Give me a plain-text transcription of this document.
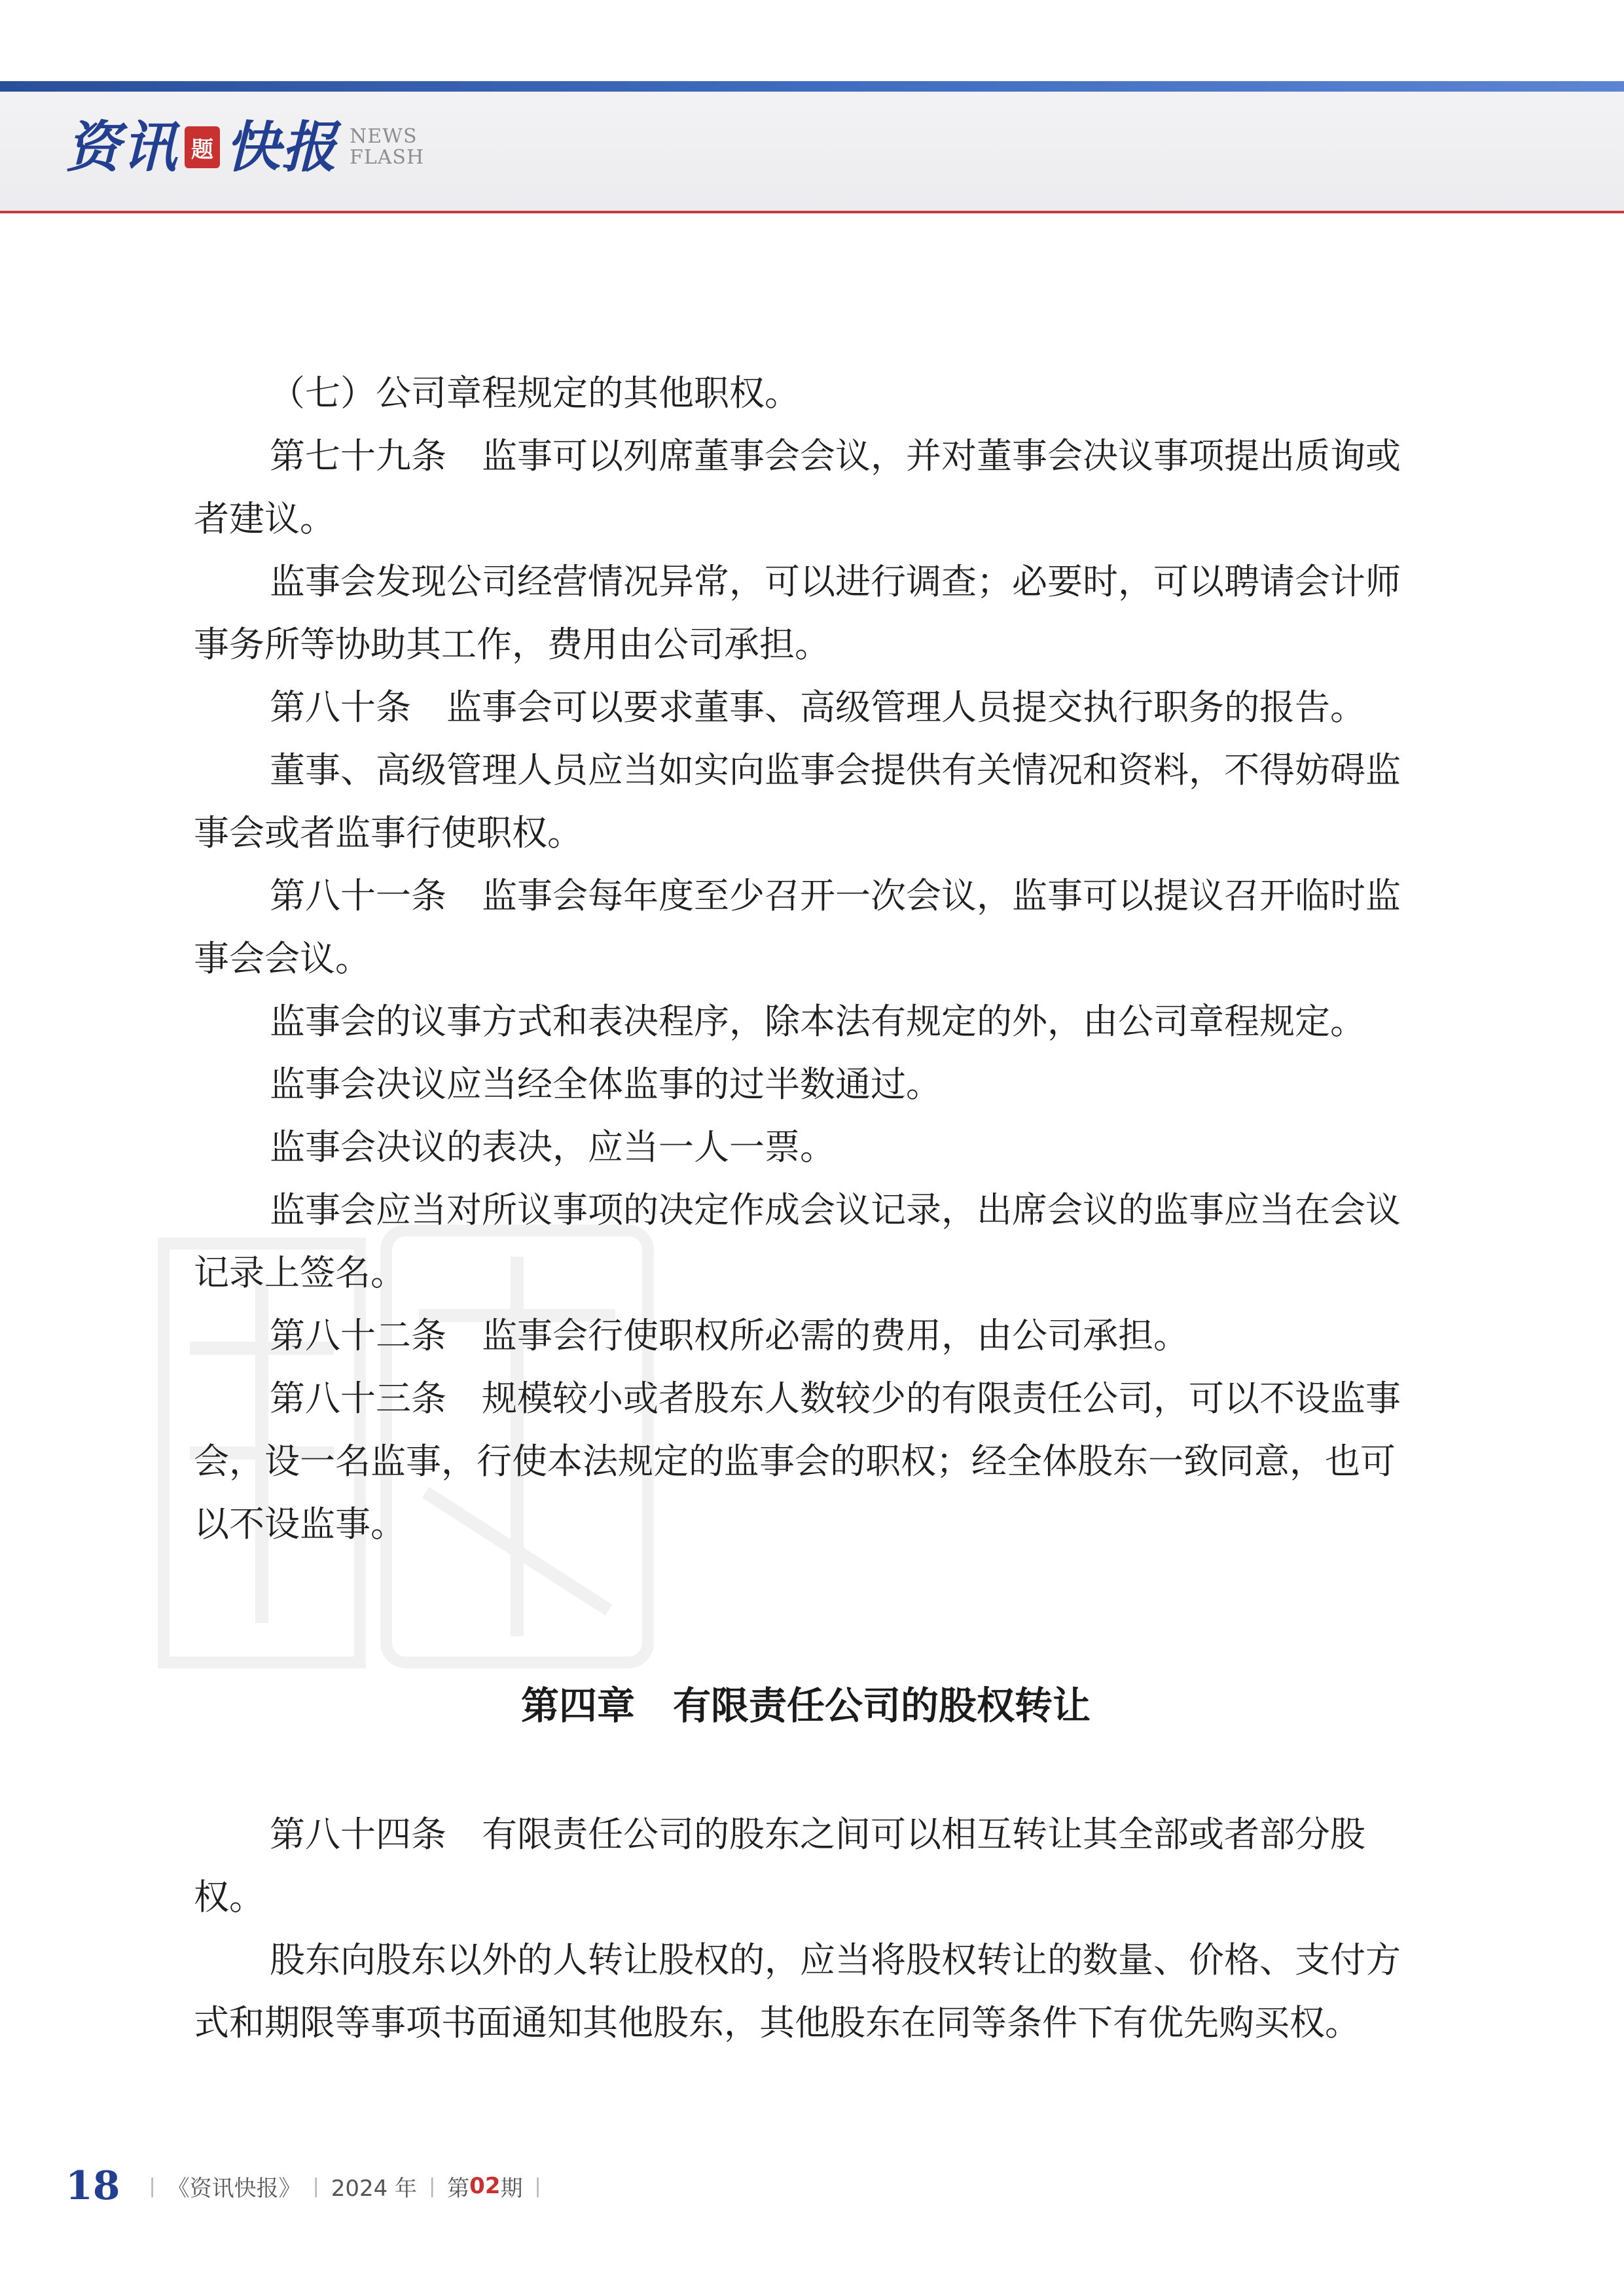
资讯 题 快报 NEWS
FLASH

（七）公司章程规定的其他职权。

第七十九条　监事可以列席董事会会议，并对董事会决议事项提出质询或者建议。

监事会发现公司经营情况异常，可以进行调查；必要时，可以聘请会计师事务所等协助其工作，费用由公司承担。

第八十条　监事会可以要求董事、高级管理人员提交执行职务的报告。

董事、高级管理人员应当如实向监事会提供有关情况和资料，不得妨碍监事会或者监事行使职权。

第八十一条　监事会每年度至少召开一次会议，监事可以提议召开临时监事会会议。

监事会的议事方式和表决程序，除本法有规定的外，由公司章程规定。

监事会决议应当经全体监事的过半数通过。

监事会决议的表决，应当一人一票。

监事会应当对所议事项的决定作成会议记录，出席会议的监事应当在会议记录上签名。

第八十二条　监事会行使职权所必需的费用，由公司承担。

第八十三条　规模较小或者股东人数较少的有限责任公司，可以不设监事会，设一名监事，行使本法规定的监事会的职权；经全体股东一致同意，也可以不设监事。

第四章　有限责任公司的股权转让

第八十四条　有限责任公司的股东之间可以相互转让其全部或者部分股权。

股东向股东以外的人转让股权的，应当将股权转让的数量、价格、支付方式和期限等事项书面通知其他股东，其他股东在同等条件下有优先购买权。

18 | 《资讯快报》 | 2024 年 | 第 02 期 |
